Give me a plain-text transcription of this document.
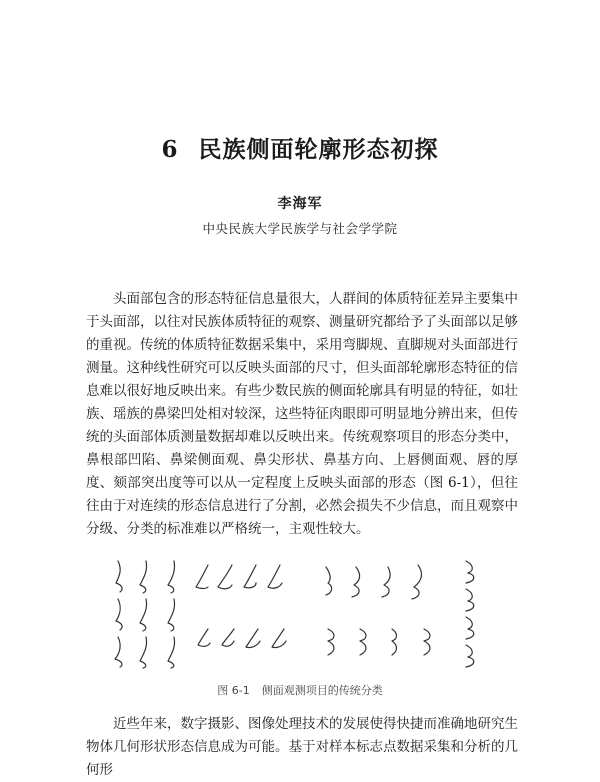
6 民族侧面轮廓形态初探
李海军
中央民族大学民族学与社会学学院

头面部包含的形态特征信息量很大，人群间的体质特征差异主要集中于头面部，以往对民族体质特征的观察、测量研究都给予了头面部以足够的重视。传统的体质特征数据采集中，采用弯脚规、直脚规对头面部进行测量。这种线性研究可以反映头面部的尺寸，但头面部轮廓形态特征的信息难以很好地反映出来。有些少数民族的侧面轮廓具有明显的特征，如壮族、瑶族的鼻梁凹处相对较深，这些特征肉眼即可明显地分辨出来，但传统的头面部体质测量数据却难以反映出来。传统观察项目的形态分类中，鼻根部凹陷、鼻梁侧面观、鼻尖形状、鼻基方向、上唇侧面观、唇的厚度、颏部突出度等可以从一定程度上反映头面部的形态（图 6-1），但往往由于对连续的形态信息进行了分割，必然会损失不少信息，而且观察中分级、分类的标准难以严格统一，主观性较大。

图 6-1 侧面观测项目的传统分类

近些年来，数字摄影、图像处理技术的发展使得快捷而准确地研究生物体几何形状形态信息成为可能。基于对样本标志点数据采集和分析的几何形
